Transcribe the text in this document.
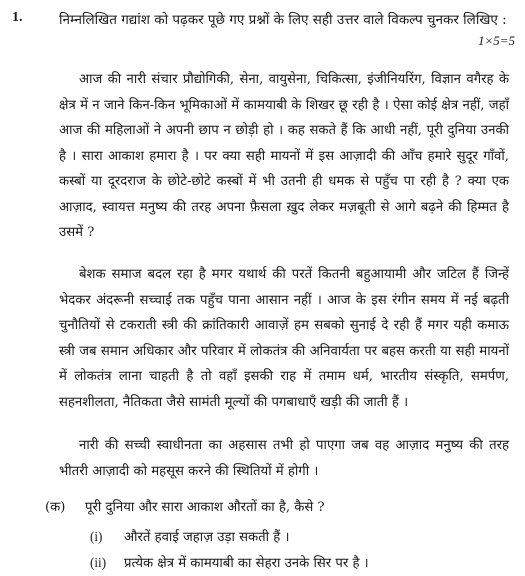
1.	निम्नलिखित गद्यांश को पढ़कर पूछे गए प्रश्नों के लिए सही उत्तर वाले विकल्प चुनकर लिखिए :
1×5=5

आज की नारी संचार प्रौद्योगिकी, सेना, वायुसेना, चिकित्सा, इंजीनियरिंग, विज्ञान वगैरह के क्षेत्र में न जाने किन-किन भूमिकाओं में कामयाबी के शिखर छू रही है । ऐसा कोई क्षेत्र नहीं, जहाँ आज की महिलाओं ने अपनी छाप न छोड़ी हो । कह सकते हैं कि आधी नहीं, पूरी दुनिया उनकी है । सारा आकाश हमारा है । पर क्या सही मायनों में इस आज़ादी की आँच हमारे सुदूर गाँवों, कस्बों या दूरदराज के छोटे-छोटे कस्बों में भी उतनी ही धमक से पहुँच पा रही है ? क्या एक आज़ाद, स्वायत्त मनुष्य की तरह अपना फ़ैसला ख़ुद लेकर मज़बूती से आगे बढ़ने की हिम्मत है उसमें ?

बेशक समाज बदल रहा है मगर यथार्थ की परतें कितनी बहुआयामी और जटिल हैं जिन्हें भेदकर अंदरूनी सच्चाई तक पहुँच पाना आसान नहीं । आज के इस रंगीन समय में नई बढ़ती चुनौतियों से टकराती स्त्री की क्रांतिकारी आवाज़ें हम सबको सुनाई दे रही हैं मगर यही कमाऊ स्त्री जब समान अधिकार और परिवार में लोकतंत्र की अनिवार्यता पर बहस करती या सही मायनों में लोकतंत्र लाना चाहती है तो वहाँ इसकी राह में तमाम धर्म, भारतीय संस्कृति, समर्पण, सहनशीलता, नैतिकता जैसे सामंती मूल्यों की पगबाधाएँ खड़ी की जाती हैं ।

नारी की सच्ची स्वाधीनता का अहसास तभी हो पाएगा जब वह आज़ाद मनुष्य की तरह भीतरी आज़ादी को महसूस करने की स्थितियों में होगी ।

(क) पूरी दुनिया और सारा आकाश औरतों का है, कैसे ?
(i) औरतें हवाई जहाज़ उड़ा सकती हैं ।
(ii) प्रत्येक क्षेत्र में कामयाबी का सेहरा उनके सिर पर है ।
